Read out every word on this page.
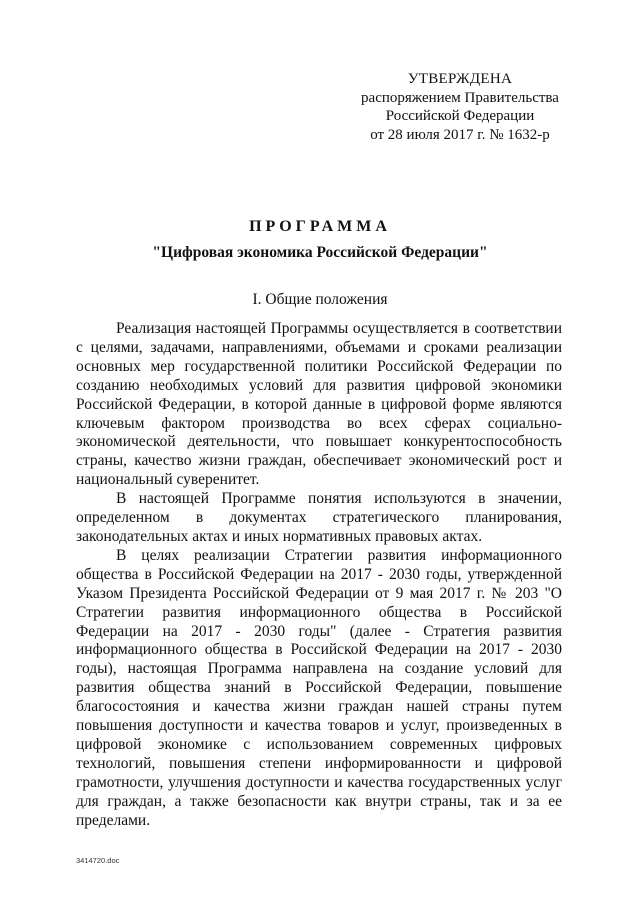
УТВЕРЖДЕНА
распоряжением Правительства
Российской Федерации
от 28 июля 2017 г. № 1632-р
ПРОГРАММА
"Цифровая экономика Российской Федерации"
I. Общие положения

Реализация настоящей Программы осуществляется в соответствии с целями, задачами, направлениями, объемами и сроками реализации основных мер государственной политики Российской Федерации по созданию необходимых условий для развития цифровой экономики Российской Федерации, в которой данные в цифровой форме являются ключевым фактором производства во всех сферах социально-экономической деятельности, что повышает конкурентоспособность страны, качество жизни граждан, обеспечивает экономический рост и национальный суверенитет.

В настоящей Программе понятия используются в значении, определенном в документах стратегического планирования, законодательных актах и иных нормативных правовых актах.

В целях реализации Стратегии развития информационного общества в Российской Федерации на 2017 - 2030 годы, утвержденной Указом Президента Российской Федерации от 9 мая 2017 г. № 203 "О Стратегии развития информационного общества в Российской Федерации на 2017 - 2030 годы" (далее - Стратегия развития информационного общества в Российской Федерации на 2017 - 2030 годы), настоящая Программа направлена на создание условий для развития общества знаний в Российской Федерации, повышение благосостояния и качества жизни граждан нашей страны путем повышения доступности и качества товаров и услуг, произведенных в цифровой экономике с использованием современных цифровых технологий, повышения степени информированности и цифровой грамотности, улучшения доступности и качества государственных услуг для граждан, а также безопасности как внутри страны, так и за ее пределами.

3414720.doc
